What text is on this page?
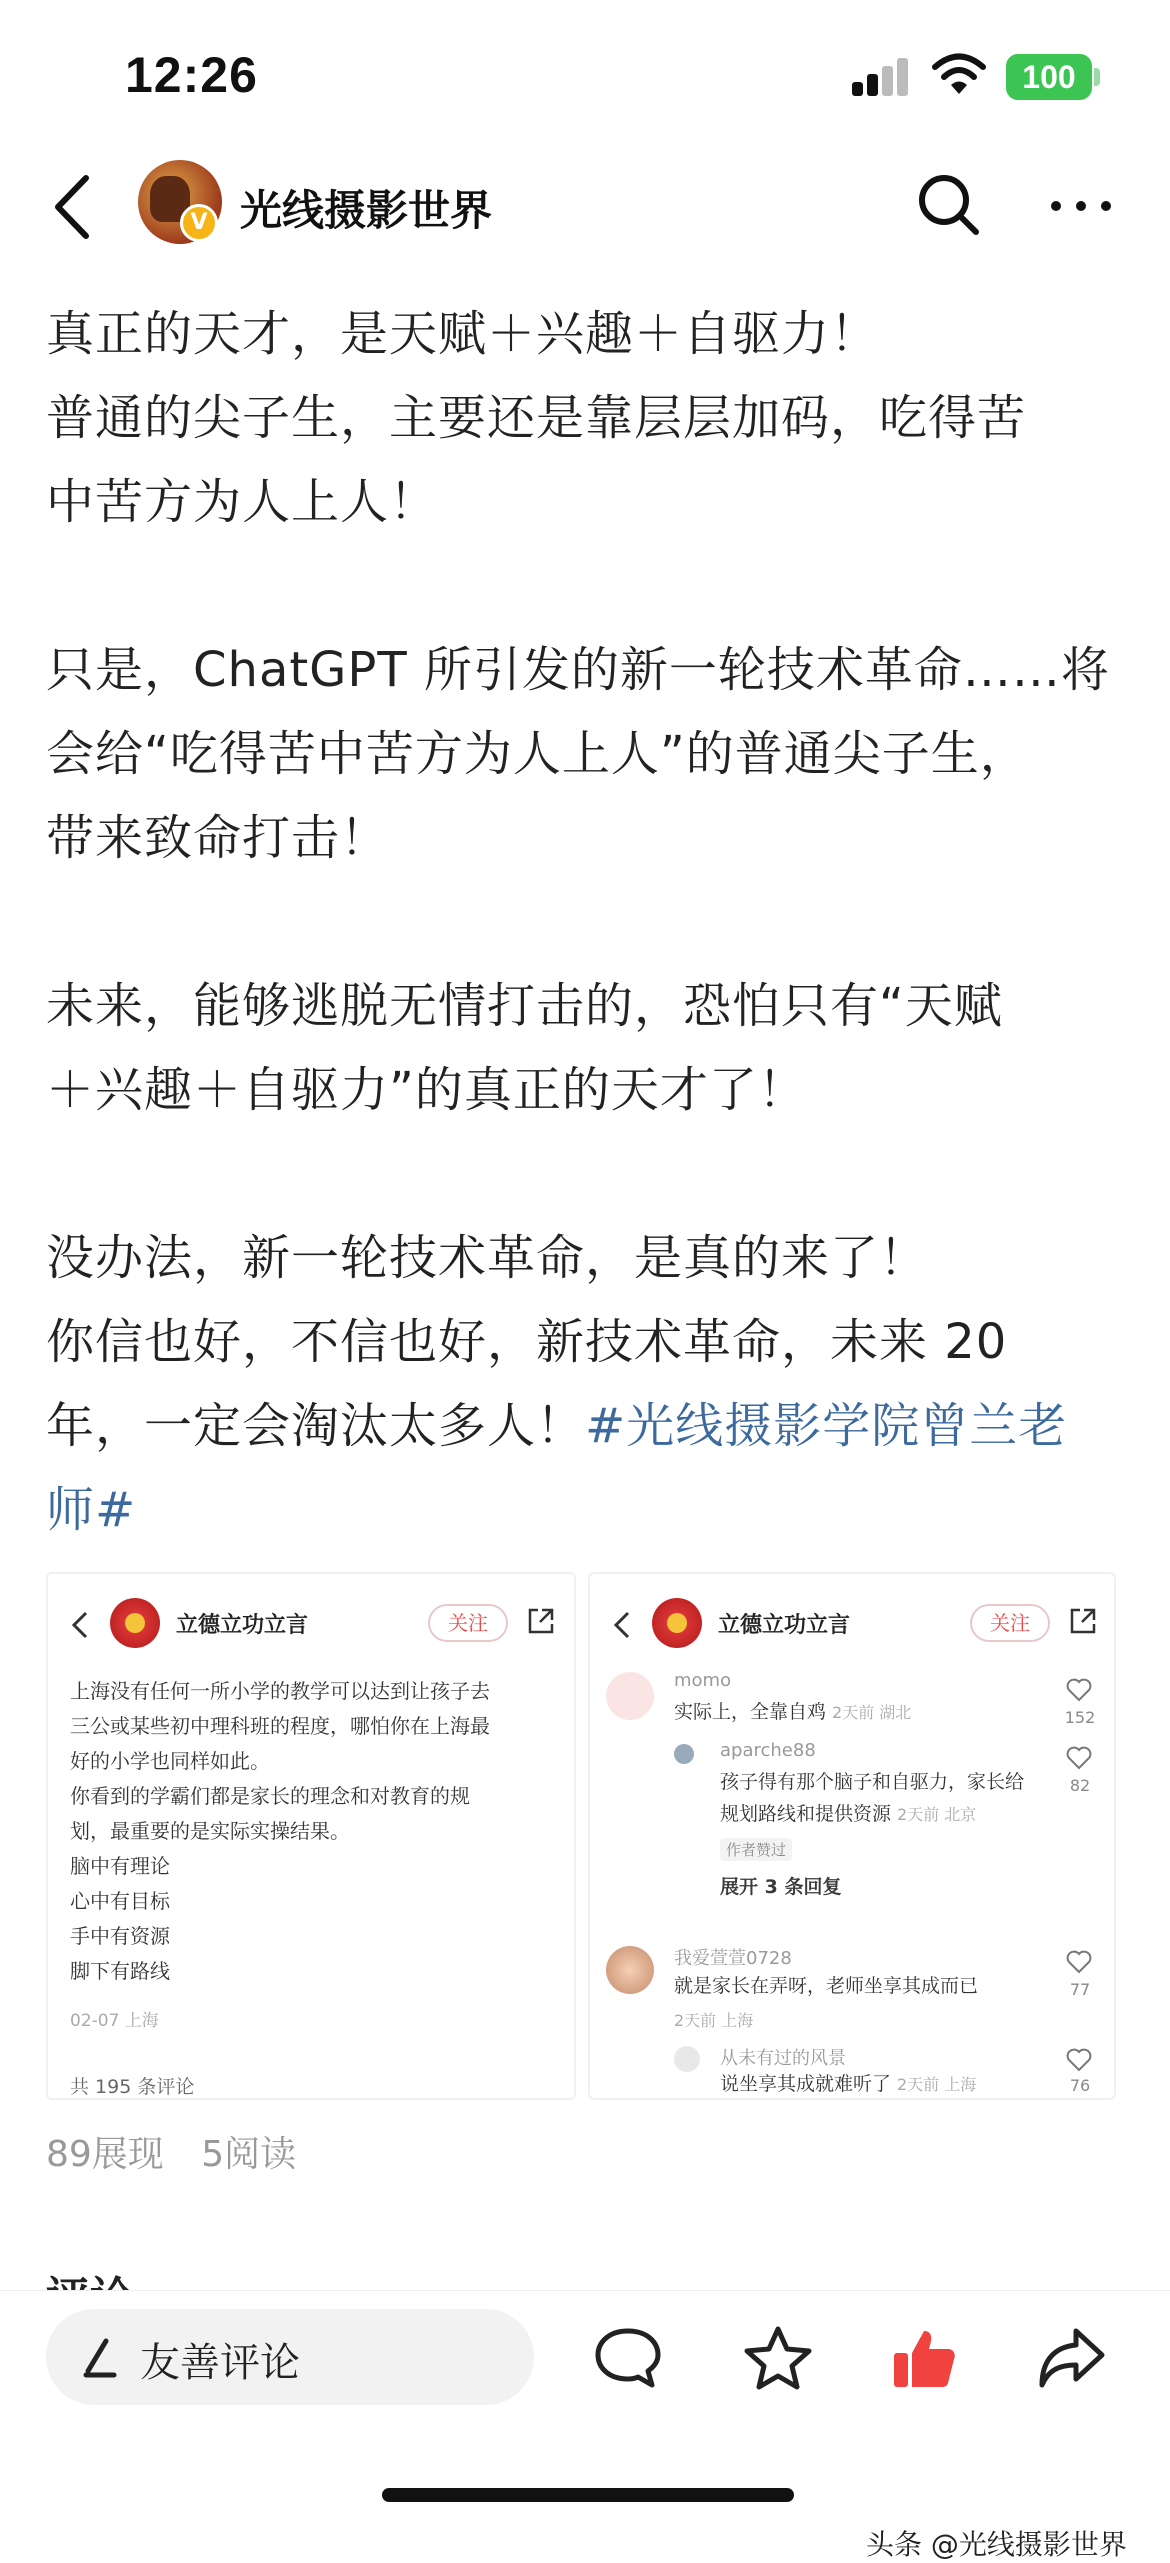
12:26	100
V 光线摄影世界
真正的天才，是天赋＋兴趣＋自驱力！
普通的尖子生，主要还是靠层层加码，吃得苦
中苦方为人上人！
只是，ChatGPT 所引发的新一轮技术革命……将
会给“吃得苦中苦方为人上人”的普通尖子生，
带来致命打击！
未来，能够逃脱无情打击的，恐怕只有“天赋
＋兴趣＋自驱力”的真正的天才了！
没办法，新一轮技术革命，是真的来了！
你信也好，不信也好，新技术革命，未来 20
年，一定会淘汰太多人！#光线摄影学院曾兰老
师#
立德立功立言	关注
上海没有任何一所小学的教学可以达到让孩子去
三公或某些初中理科班的程度，哪怕你在上海最
好的小学也同样如此。
你看到的学霸们都是家长的理念和对教育的规
划，最重要的是实际实操结果。
脑中有理论
心中有目标
手中有资源
脚下有路线
02-07 上海
共 195 条评论
立德立功立言	关注
momo
实际上，全靠自鸡 2天前 湖北	152
aparche88
孩子得有那个脑子和自驱力，家长给
规划路线和提供资源 2天前 北京
作者赞过
82
展开 3 条回复
我爱萱萱0728
就是家长在弄呀，老师坐享其成而已
2天前 上海
77
从未有过的风景
说坐享其成就难听了 2天前 上海	76
89展现 5阅读
友善评论
头条 @光线摄影世界
